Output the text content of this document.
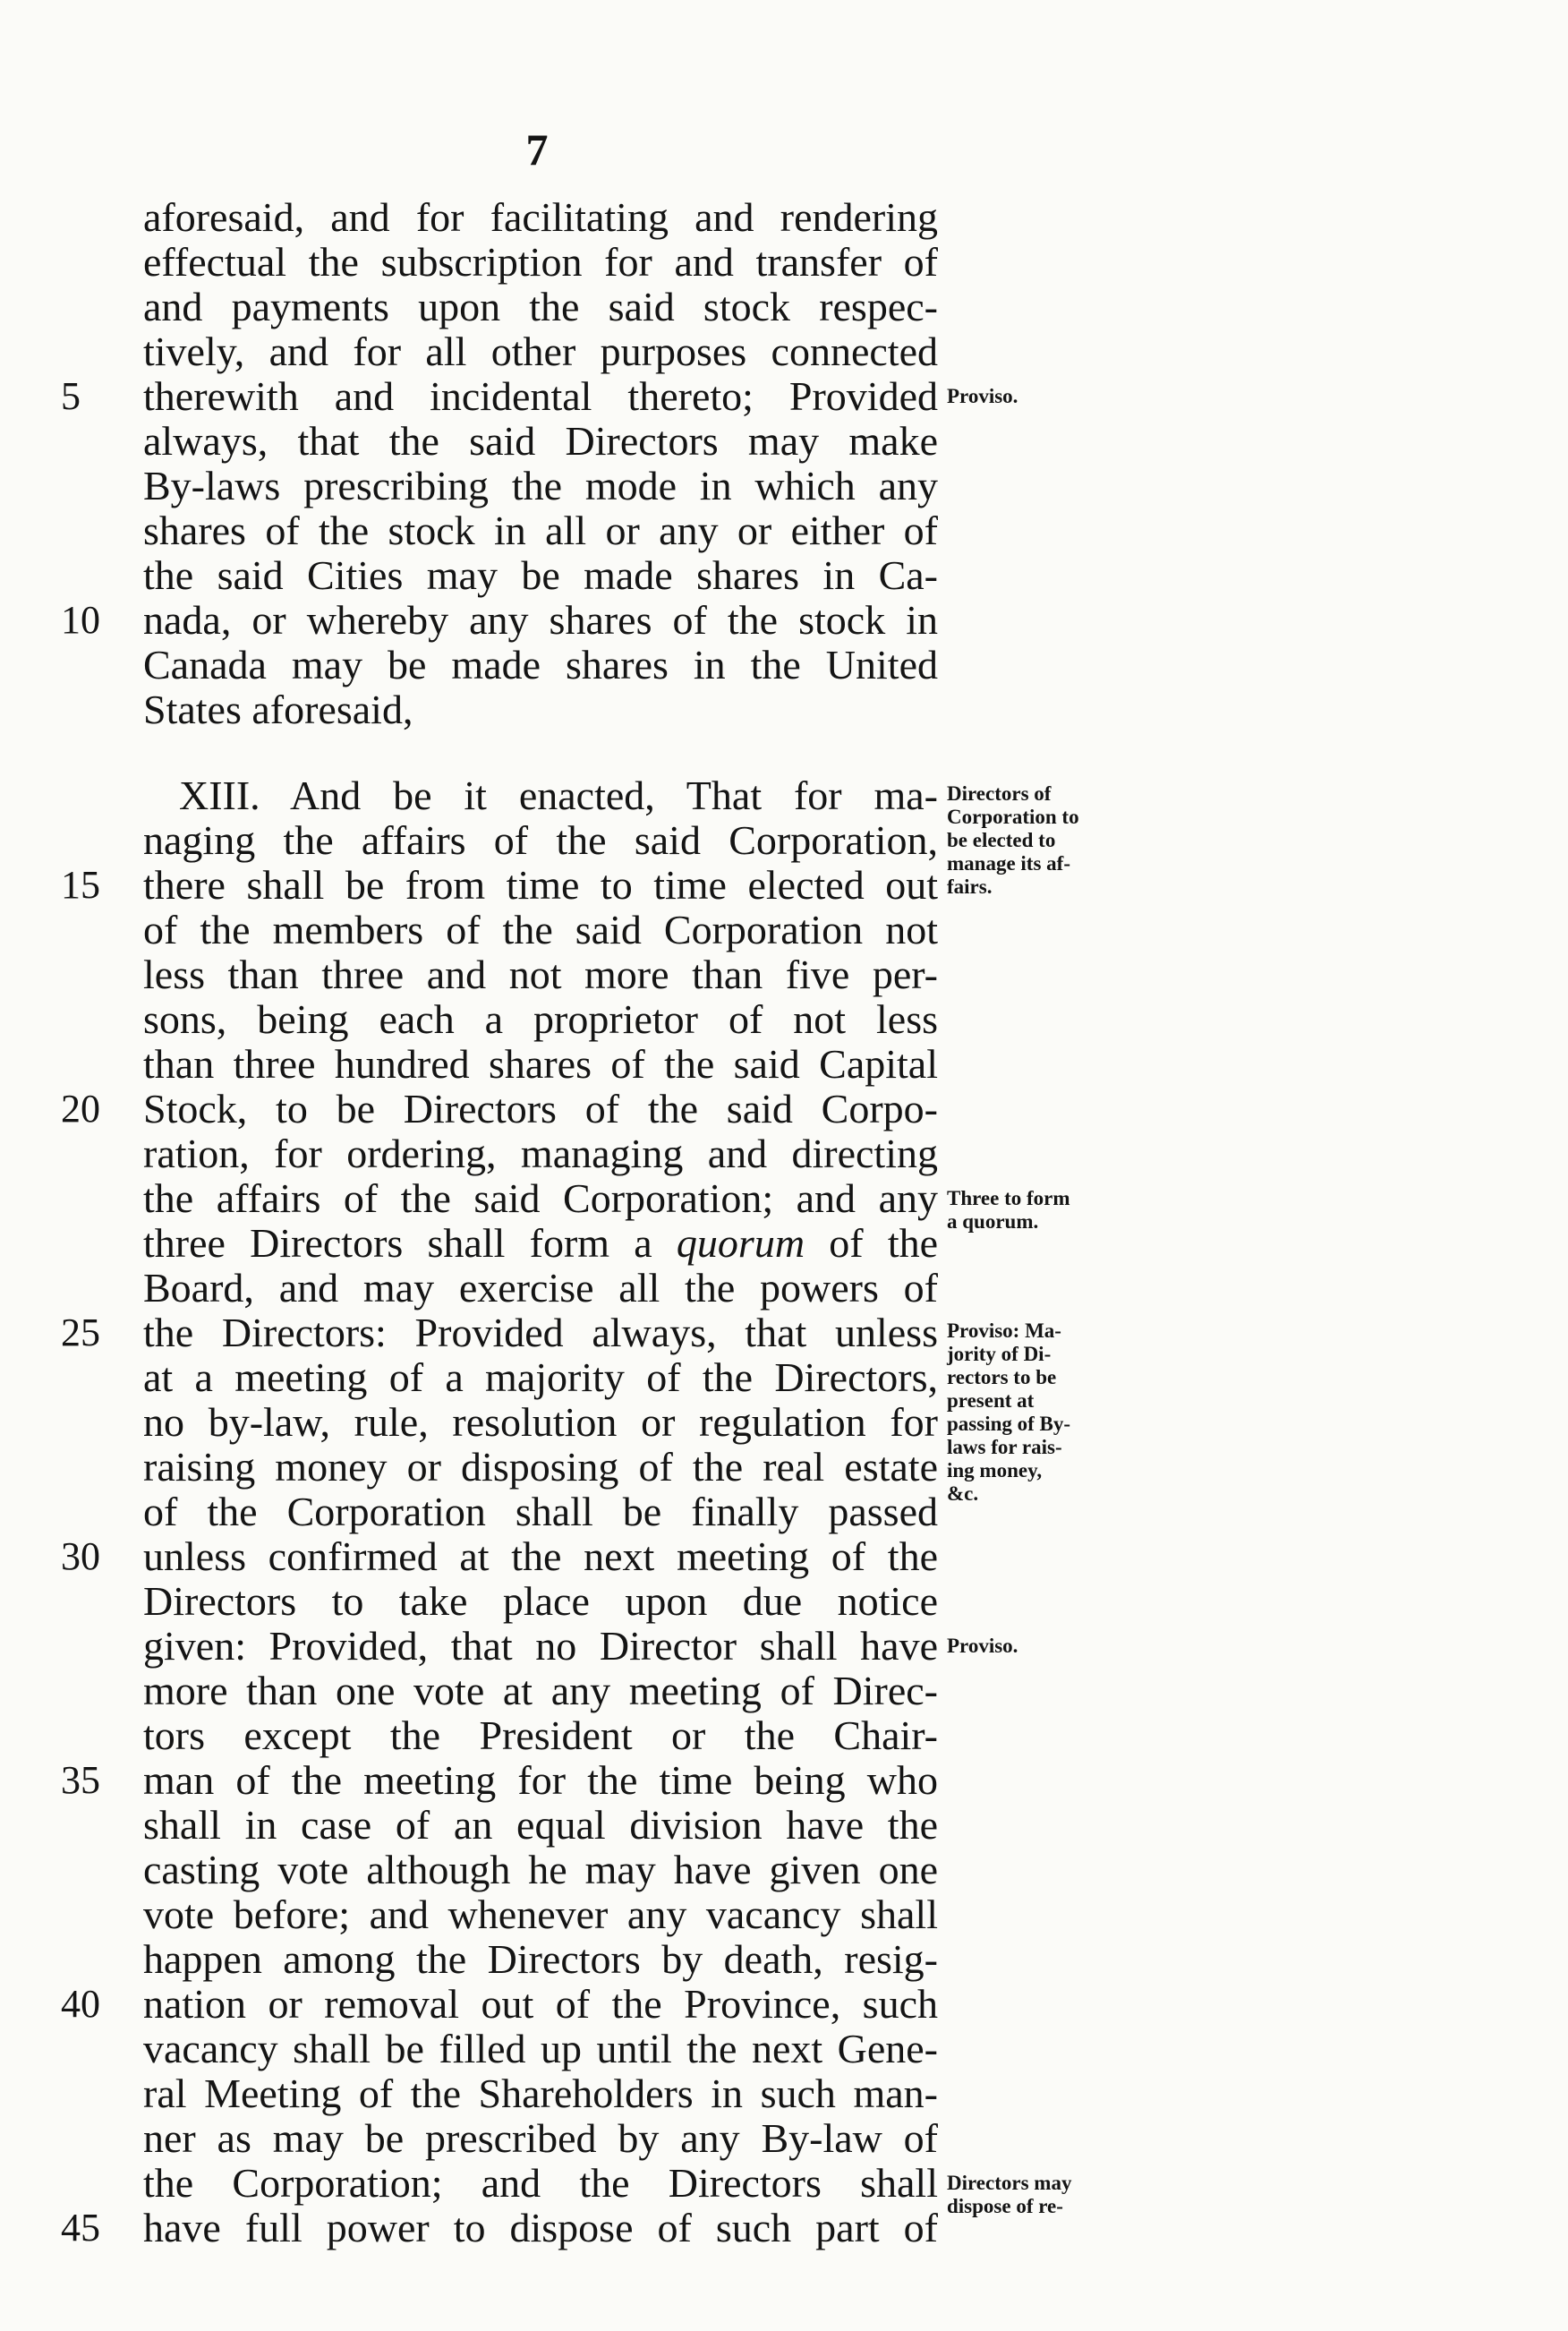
7
aforesaid, and for facilitating and rendering
effectual the subscription for and transfer of
and payments upon the said stock respec-
tively, and for all other purposes connected
5	therewith and incidental thereto; Provided
always, that the said Directors may make
By-laws prescribing the mode in which any
shares of the stock in all or any or either of
the said Cities may be made shares in Ca-
10	nada, or whereby any shares of the stock in
Canada may be made shares in the United
States aforesaid,
XIII. And be it enacted, That for ma-
naging the affairs of the said Corporation,
15	there shall be from time to time elected out
of the members of the said Corporation not
less than three and not more than five per-
sons, being each a proprietor of not less
than three hundred shares of the said Capital
20	Stock, to be Directors of the said Corpo-
ration, for ordering, managing and directing
the affairs of the said Corporation; and any
three Directors shall form a quorum of the
Board, and may exercise all the powers of
25	the Directors: Provided always, that unless
at a meeting of a majority of the Directors,
no by-law, rule, resolution or regulation for
raising money or disposing of the real estate
of the Corporation shall be finally passed
30	unless confirmed at the next meeting of the
Directors to take place upon due notice
given: Provided, that no Director shall have
more than one vote at any meeting of Direc-
tors except the President or the Chair-
35	man of the meeting for the time being who
shall in case of an equal division have the
casting vote although he may have given one
vote before; and whenever any vacancy shall
happen among the Directors by death, resig-
40	nation or removal out of the Province, such
vacancy shall be filled up until the next Gene-
ral Meeting of the Shareholders in such man-
ner as may be prescribed by any By-law of
the Corporation; and the Directors shall
45	have full power to dispose of such part of
Proviso.
Directors of
Corporation to
be elected to
manage its af-
fairs.
Three to form
a quorum.
Proviso: Ma-
jority of Di-
rectors to be
present at
passing of By-
laws for rais-
ing money,
&c.
Proviso.
Directors may
dispose of re-
